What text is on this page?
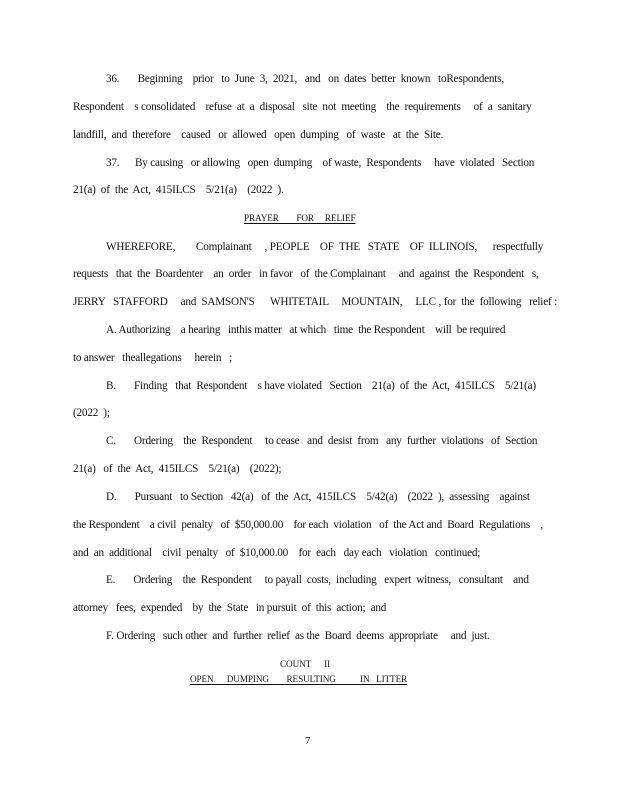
36.       Beginning    prior   to  June  3,  2021,   and   on  dates  better  known   toRespondents,
Respondent    s consolidated    refuse  at  a  disposal   site  not  meeting    the  requirements     of  a  sanitary
landfill,  and  therefore    caused   or  allowed   open  dumping   of  waste   at  the  Site.
37.      By causing   or allowing   open  dumping    of waste,  Respondents     have  violated   Section
21(a)  of  the  Act,  415ILCS    5/21(a)    (2022  ).
PRAYER        FOR     RELIEF
WHEREFORE,        Complainant     , PEOPLE    OF  THE   STATE    OF  ILLINOIS,      respectfully
requests   that  the  Boardenter    an  order   in favor   of  the Complainant     and  against  the  Respondent   s,
JERRY   STAFFORD     and  SAMSON'S      WHITETAIL     MOUNTAIN,     LLC , for  the  following   relief :
A. Authorizing    a hearing   inthis matter   at which   time  the Respondent    will  be required
to answer   theallegations     herein   ;
B.       Finding   that  Respondent    s have violated   Section    21(a)  of  the  Act,  415ILCS    5/21(a)
(2022  );
C.       Ordering    the  Respondent     to cease   and  desist  from   any  further  violations   of  Section
21(a)   of  the  Act,  415ILCS    5/21(a)    (2022);
D.       Pursuant   to Section   42(a)   of  the  Act,  415ILCS    5/42(a)    (2022  ),  assessing    against
the Respondent    a civil  penalty   of  $50,000.00    for each  violation   of  the Act and  Board  Regulations    ,
and  an  additional    civil  penalty   of  $10,000.00    for  each   day each   violation   continued;
E.       Ordering    the  Respondent     to payall  costs,  including   expert  witness,   consultant    and
attorney   fees,  expended    by  the  State   in pursuit  of  this  action;  and
F. Ordering   such other  and  further  relief  as the  Board  deems  appropriate     and  just.
COUNT      II
OPEN      DUMPING        RESULTING           IN   LITTER
7
